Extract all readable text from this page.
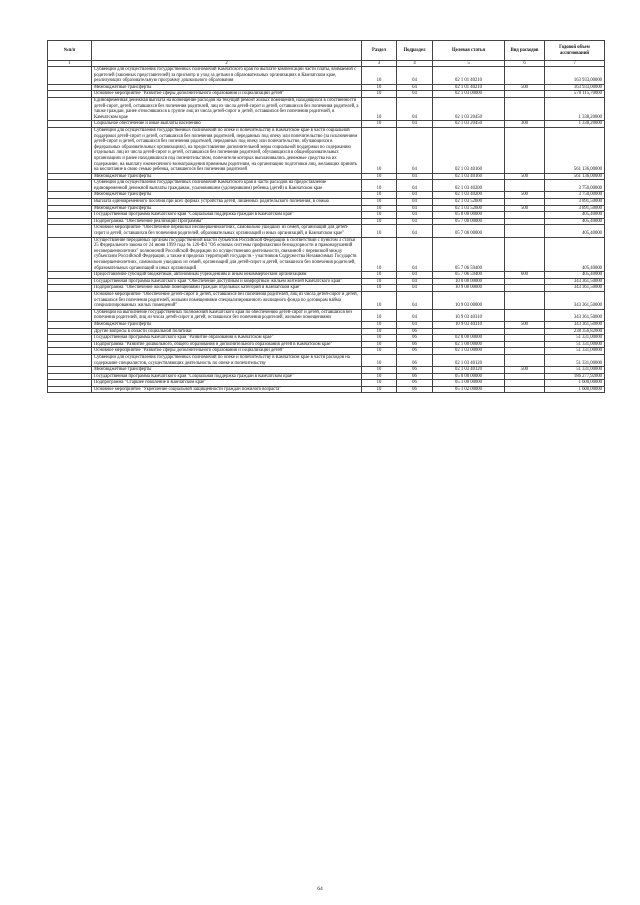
№п/п		Раздел	Подраздел	Целевая статья	Вид расходов	Годовой объем ассигнований
1	2	3	4	5	6	7
	Субвенции для осуществления государственных полномочий Камчатского края по выплате компенсации части платы, взимаемой с родителей (законных представителей) за присмотр и уход за детьми в образовательных организациях в Камчатском крае, реализующих образовательную программу дошкольного образования	10	04	02 1 01 40210		163 933,00000
	Межбюджетные трансферты	10	04	02 1 01 40210	500	163 933,00000
	Основное мероприятие "Развитие сферы дополнительного образования и социализации детей"	10	04	02 1 03 00000		570 115,70000
	Единовременная денежная выплата на возмещение расходов на текущий ремонт жилых помещений, находящихся в собственности детей-сирот, детей, оставшихся без попечения родителей, лиц из числа детей-сирот и детей, оставшихся без попечения родителей, а также граждан, ранее относившихся к группе лиц из числа детей-сирот и детей, оставшихся без попечения родителей, в Камчатском крае	10	04	02 1 03 20450		1 338,20000
	Социальное обеспечение и иные выплаты населению	10	04	02 1 03 20450	300	1 338,20000
	Субвенции для осуществления государственных полномочий по опеке и попечительству в Камчатском крае в части социальной поддержки детей-сирот и детей, оставшихся без попечения родителей, переданных под опеку или попечительство (за исключением детей-сирот и детей, оставшихся без попечения родителей, переданных под опеку или попечительство, обучающихся в федеральных образовательных организациях), на предоставление дополнительной меры социальной поддержки по содержанию отдельных лиц из числа детей-сирот и детей, оставшихся без попечения родителей, обучающихся в общеобразовательных организациях и ранее находившихся под попечительством, попечители которых выплачивались денежные средства на их содержание, на выплату ежемесячного вознаграждения приемным родителям, на организацию подготовки лиц, желающих принять на воспитание в свою семью ребенка, оставшегося без попечения родителей	10	04	02 1 03 40160		561 136,00000
	Межбюджетные трансферты	10	04	02 1 03 40160	500	561 136,00000
	Субвенции для осуществления государственных полномочий Камчатского края в части расходов на предоставление единовременной денежной выплаты гражданам, усыновившим (удочерившим) ребенка (детей) в Камчатском крае	10	04	02 1 03 40200		3 750,00000
	Межбюджетные трансферты	10	04	02 1 03 40200	500	3 750,00000
	Выплата единовременного пособия при всех формах устройства детей, лишенных родительского попечения, в семью	10	04	02 1 03 52600		3 891,50000
	Межбюджетные трансферты	10	04	02 1 03 52600	500	3 891,50000
	Государственная программа Камчатского края "Социальная поддержка граждан в Камчатском крае"	10	04	05 0 00 00000		405,40000
	Подпрограмма "Обеспечение реализации Программы"	10	04	05 7 00 00000		405,40000
	Основное мероприятие "Обеспечение перевозки несовершеннолетних, самовольно ушедших из семей, организаций для детей-сирот и детей, оставшихся без попечения родителей, образовательных организаций и иных организаций, в Камчатском крае"	10	04	05 7 06 00000		405,40000
	Осуществление переданных органам государственной власти субъектов Российской Федерации в соответствии с пунктом 3 статьи 25 Федерального закона от 24 июня 1999 года № 120-ФЗ "Об основах системы профилактики безнадзорности и правонарушений несовершеннолетних" полномочий Российской Федерации по осуществлению деятельности, связанной с перевозкой между субъектами Российской Федерации, а также в пределах территорий государств - участников Содружества Независимых Государств несовершеннолетних, самовольно ушедших из семей, организаций для детей-сирот и детей, оставшихся без попечения родителей, образовательных организаций и иных организаций	10	04	05 7 06 59400		405,40000
	Предоставление субсидий бюджетным, автономным учреждениям и иным некоммерческим организациям	10	04	05 7 06 59400	600	405,40000
	Государственная программа Камчатского края "Обеспечение доступным и комфортным жильем жителей Камчатского края"	10	04	10 0 00 00000		343 361,50000
	Подпрограмма "Обеспечение жилыми помещениями граждан отдельных категорий в Камчатском крае"	10	04	10 9 00 00000		343 361,50000
	Основное мероприятие "Обеспечение детей-сирот и детей, оставшихся без попечения родителей, лиц из числа детей-сирот и детей, оставшихся без попечения родителей, жилыми помещениями специализированного жилищного фонда по договорам найма специализированных жилых помещений"	10	04	10 9 03 00000		343 361,50000
	Субвенции на выполнение государственных полномочий Камчатского края по обеспечению детей-сирот и детей, оставшихся без попечения родителей, лиц из числа детей-сирот и детей, оставшихся без попечения родителей, жилыми помещениями	10	04	10 9 03 40310		343 361,50000
	Межбюджетные трансферты	10	04	10 9 03 40310	500	343 361,50000
	Другие вопросы в области социальной политики	10	06			238 356,82000
	Государственная программа Камчатского края "Развитие образования в Камчатском крае"	10	06	02 0 00 00000		51 331,00000
	Подпрограмма "Развитие дошкольного, общего образования и дополнительного образования детей в Камчатском крае"	10	06	02 1 00 00000		51 331,00000
	Основное мероприятие "Развитие сферы дополнительного образования и социализации детей"	10	06	02 1 03 00000		51 331,00000
	Субвенции для осуществления государственных полномочий по опеке и попечительству в Камчатском крае в части расходов на содержание специалистов, осуществляющих деятельность по опеке и попечительству	10	06	02 1 03 40120		51 331,00000
	Межбюджетные трансферты	10	06	02 1 03 40120	500	51 331,00000
	Государственная программа Камчатского края "Социальная поддержка граждан в Камчатском крае"	10	06	05 0 00 00000		186 277,92000
	Подпрограмма "Старшее поколение в Камчатском крае"	10	06	05 1 00 00000		1 600,00000
	Основное мероприятие "Укрепление социальной защищенности граждан пожилого возраста"	10	06	05 1 02 00000		1 600,00000
64
